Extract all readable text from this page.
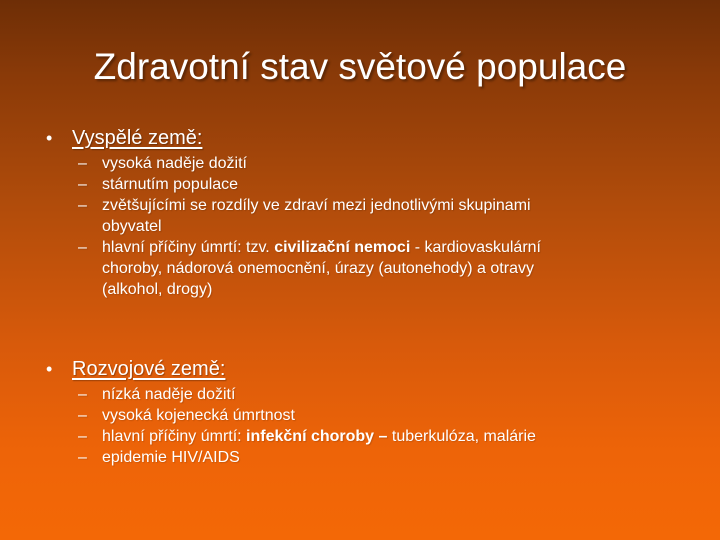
Zdravotní stav světové populace
• Vyspělé země:
– vysoká naděje dožití
– stárnutím populace
– zvětšujícími se rozdíly ve zdraví mezi jednotlivými skupinami
obyvatel
– hlavní příčiny úmrtí: tzv. civilizační nemoci - kardiovaskulární
choroby, nádorová onemocnění, úrazy (autonehody) a otravy
(alkohol, drogy)
• Rozvojové země:
– nízká naděje dožití
– vysoká kojenecká úmrtnost
– hlavní příčiny úmrtí: infekční choroby – tuberkulóza, malárie
– epidemie HIV/AIDS
